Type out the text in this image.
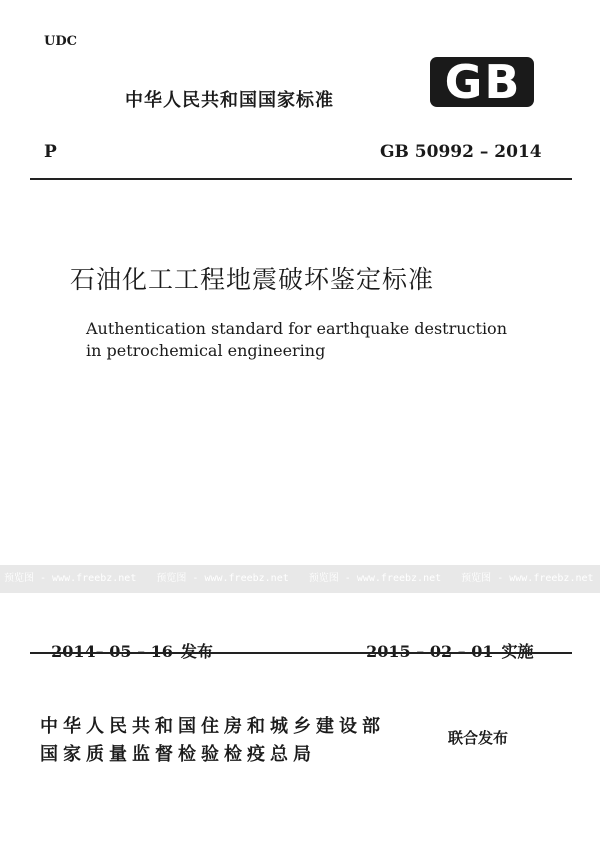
UDC
中华人民共和国国家标准 GB
P	GB 50992 – 2014
石油化工工程地震破坏鉴定标准
Authentication standard for earthquake destruction
in petrochemical engineering
预览图 - www.freebz.net 预览图 - www.freebz.net 预览图 - www.freebz.net 预览图 - www.freebz.net

中华人民共和国住房和城乡建设部
国家质量监督检验检疫总局
联合发布
